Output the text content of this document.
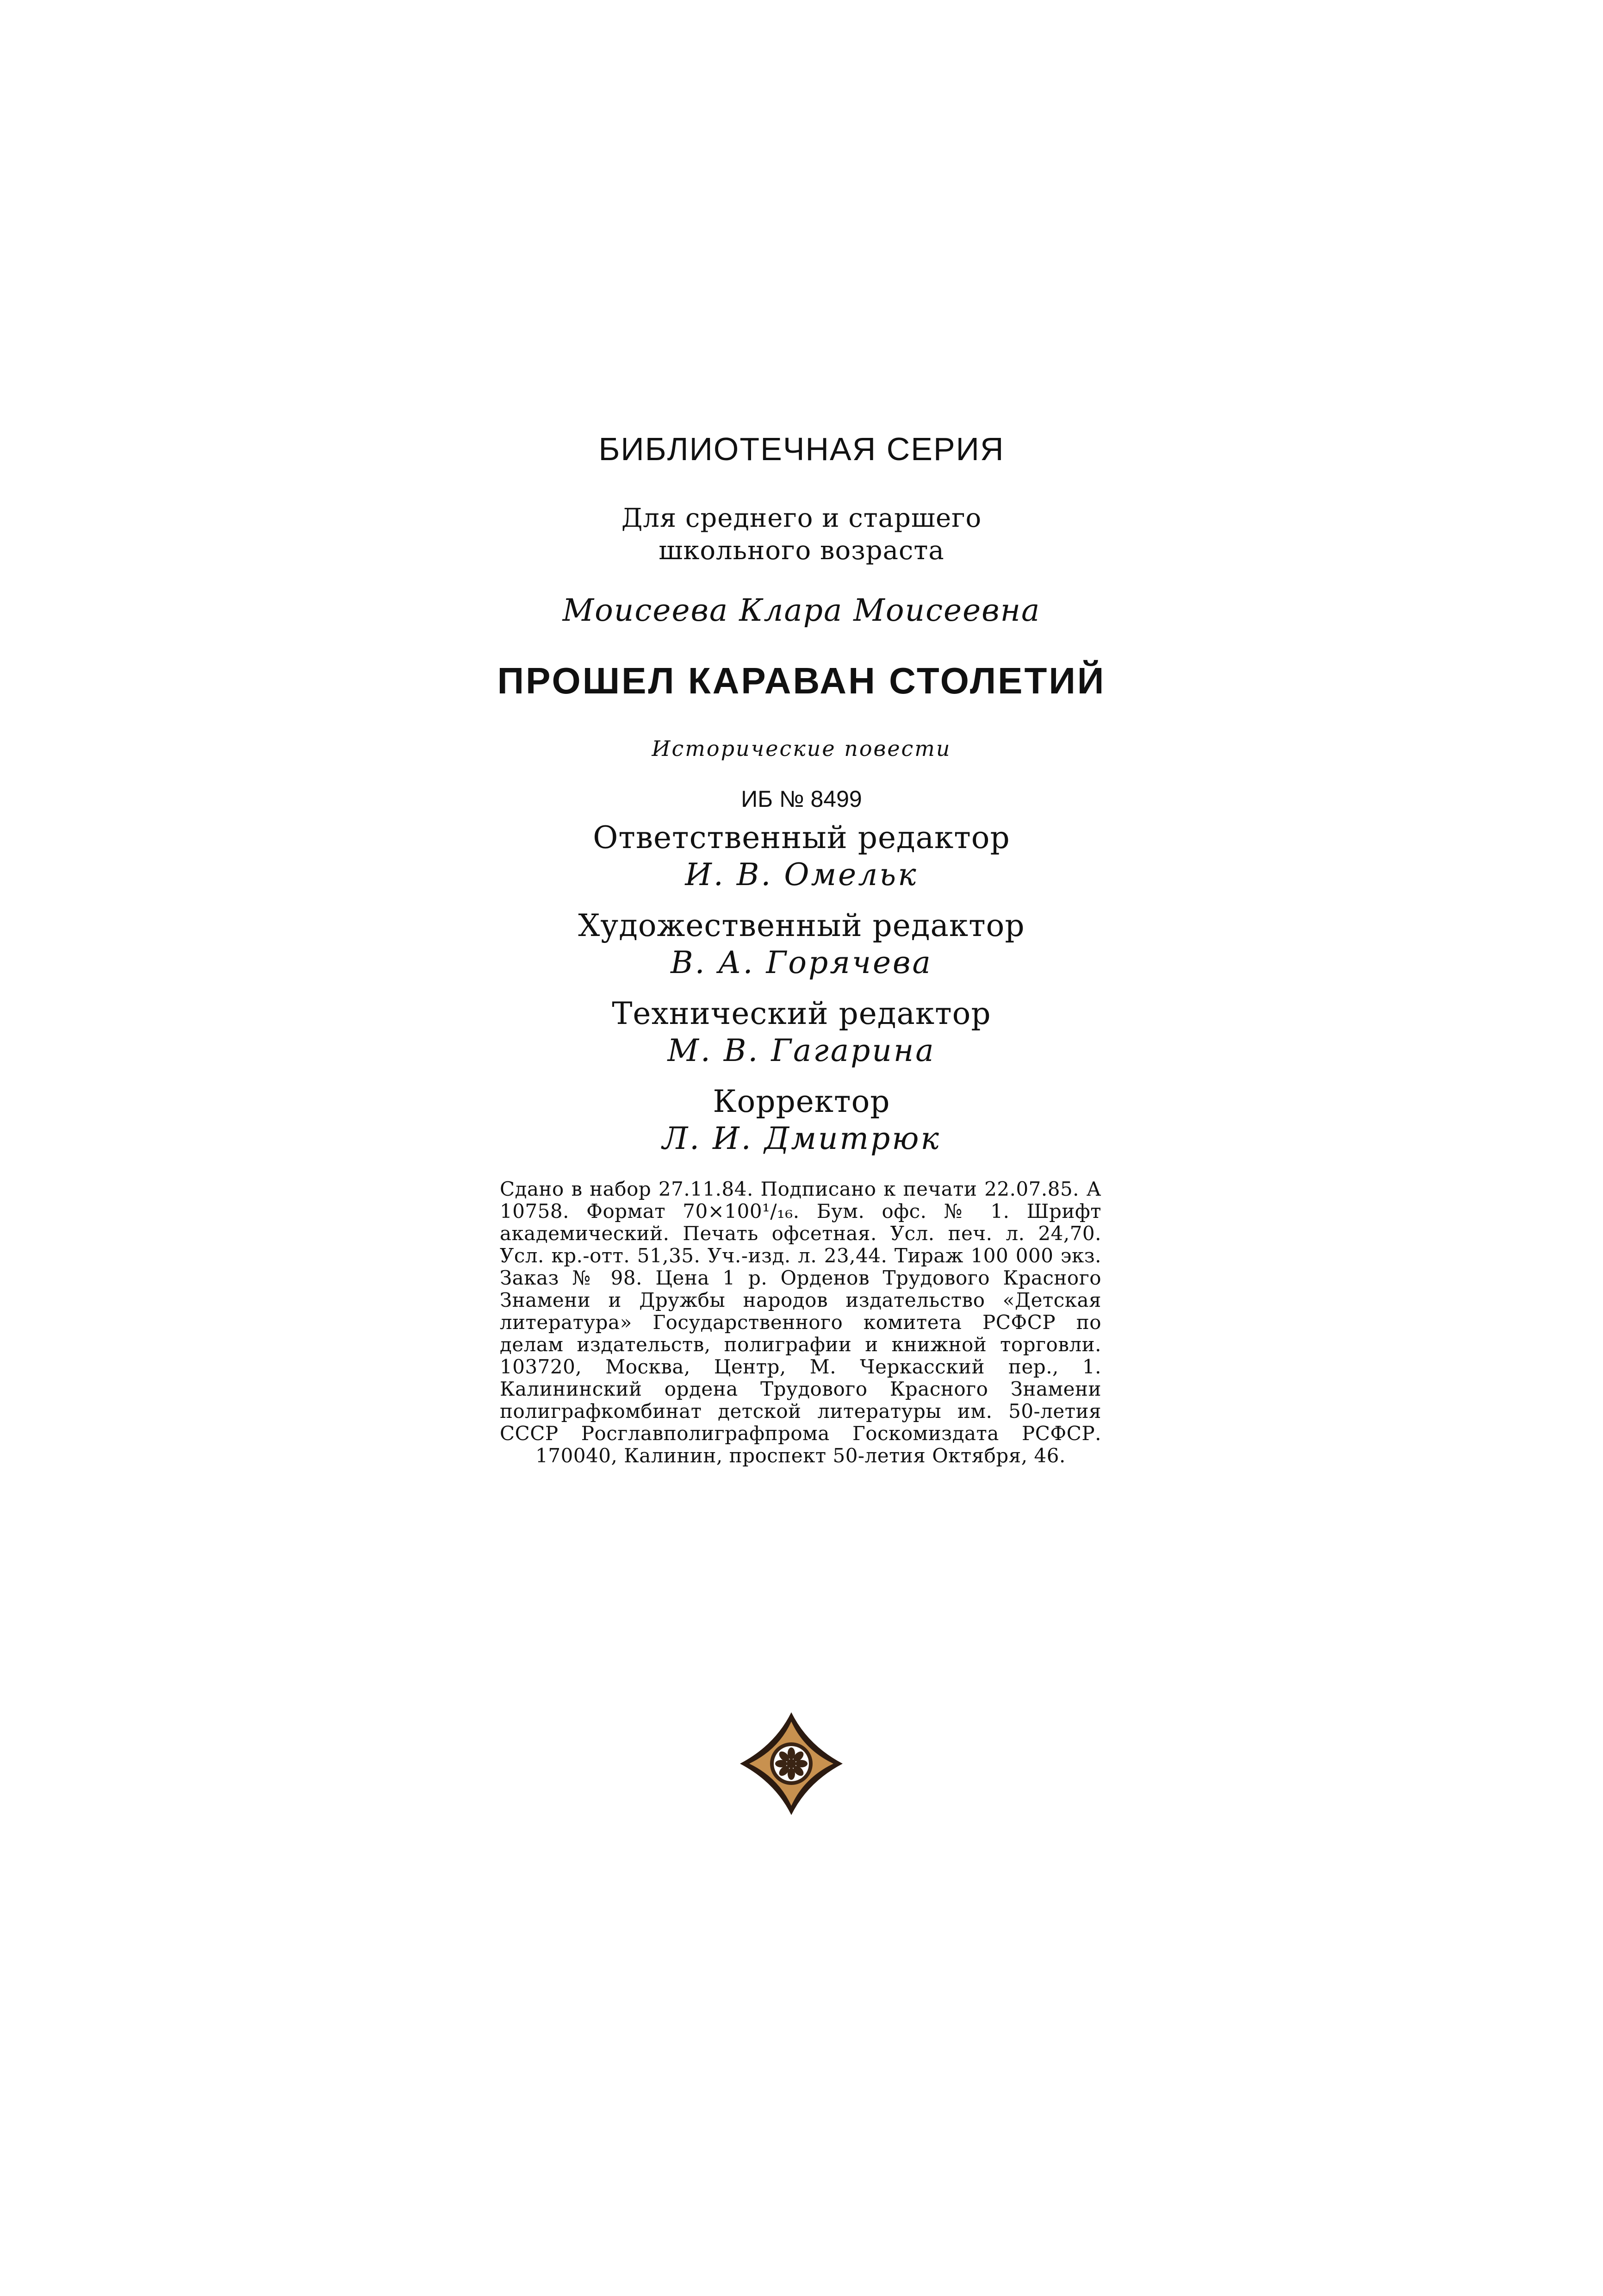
БИБЛИОТЕЧНАЯ СЕРИЯ
Для среднего и старшего
школьного возраста
Моисеева Клара Моисеевна
ПРОШЕЛ КАРАВАН СТОЛЕТИЙ
Исторические повести
ИБ № 8499
Ответственный редактор
И. В. Омельк
Художественный редактор
В. А. Горячева
Технический редактор
М. В. Гагарина
Корректор
Л. И. Дмитрюк
Сдано в набор 27.11.84. Подписано к печати 22.07.85. А 10758. Формат 70×100¹/₁₆. Бум. офс. № 1. Шрифт академический. Печать офсетная. Усл. печ. л. 24,70. Усл. кр.-отт. 51,35. Уч.-изд. л. 23,44. Тираж 100 000 экз. Заказ № 98. Цена 1 р. Орденов Трудового Красного Знамени и Дружбы народов издательство «Детская литература» Государственного комитета РСФСР по делам издательств, полиграфии и книжной торговли. 103720, Москва, Центр, М. Черкасский пер., 1. Калининский ордена Трудового Красного Знамени полиграфкомбинат детской литературы им. 50-летия СССР Росглавполиграфпрома Госкомиздата РСФСР. 170040, Калинин, проспект 50-летия Октября, 46.
